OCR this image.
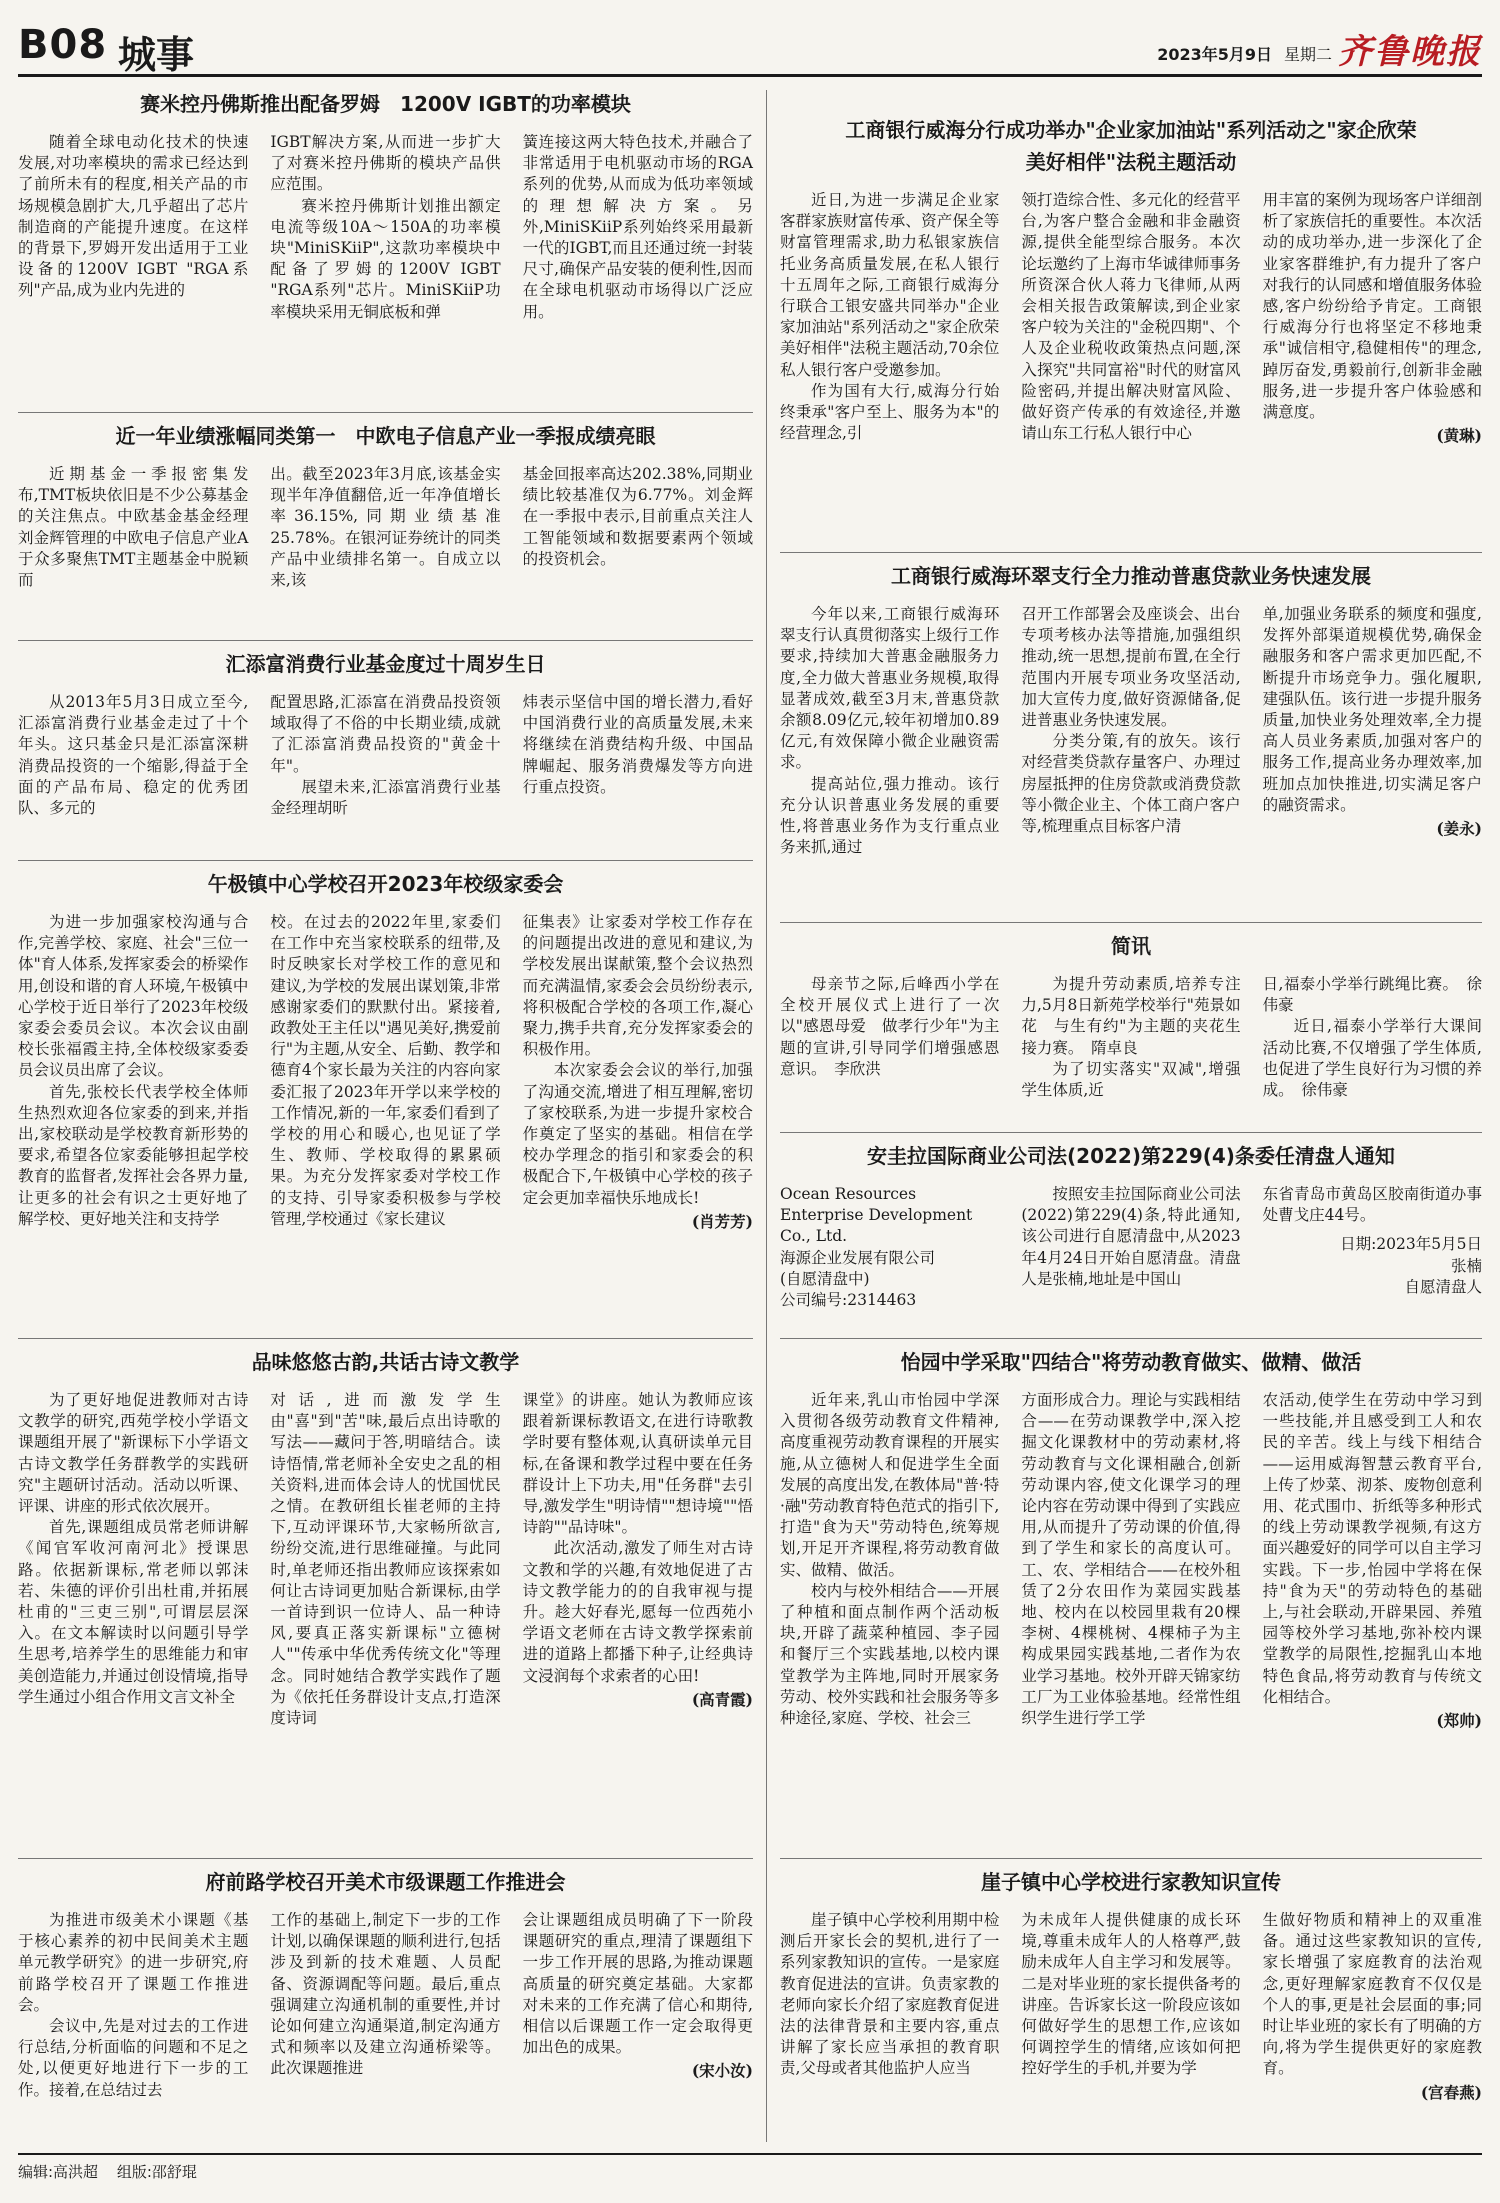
B08 城事	2023年5月9日 星期二 齐鲁晚报
赛米控丹佛斯推出配备罗姆　1200V IGBT的功率模块

随着全球电动化技术的快速发展,对功率模块的需求已经达到了前所未有的程度,相关产品的市场规模急剧扩大,几乎超出了芯片制造商的产能提升速度。在这样的背景下,罗姆开发出适用于工业设备的1200V IGBT "RGA系列"产品,成为业内先进的

IGBT解决方案,从而进一步扩大了对赛米控丹佛斯的模块产品供应范围。

赛米控丹佛斯计划推出额定电流等级10A～150A的功率模块"MiniSKiiP",这款功率模块中配备了罗姆的1200V IGBT "RGA系列"芯片。MiniSKiiP功率模块采用无铜底板和弹

簧连接这两大特色技术,并融合了非常适用于电机驱动市场的RGA系列的优势,从而成为低功率领域的理想解决方案。另外,MiniSKiiP系列始终采用最新一代的IGBT,而且还通过统一封装尺寸,确保产品安装的便利性,因而在全球电机驱动市场得以广泛应用。

近一年业绩涨幅同类第一　中欧电子信息产业一季报成绩亮眼

近期基金一季报密集发布,TMT板块依旧是不少公募基金的关注焦点。中欧基金基金经理刘金辉管理的中欧电子信息产业A于众多聚焦TMT主题基金中脱颖而

出。截至2023年3月底,该基金实现半年净值翻倍,近一年净值增长率36.15%,同期业绩基准25.78%。在银河证券统计的同类产品中业绩排名第一。自成立以来,该

基金回报率高达202.38%,同期业绩比较基准仅为6.77%。刘金辉在一季报中表示,目前重点关注人工智能领域和数据要素两个领域的投资机会。

汇添富消费行业基金度过十周岁生日

从2013年5月3日成立至今,汇添富消费行业基金走过了十个年头。这只基金只是汇添富深耕消费品投资的一个缩影,得益于全面的产品布局、稳定的优秀团队、多元的

配置思路,汇添富在消费品投资领域取得了不俗的中长期业绩,成就了汇添富消费品投资的"黄金十年"。

展望未来,汇添富消费行业基金经理胡昕

炜表示坚信中国的增长潜力,看好中国消费行业的高质量发展,未来将继续在消费结构升级、中国品牌崛起、服务消费爆发等方向进行重点投资。

午极镇中心学校召开2023年校级家委会

为进一步加强家校沟通与合作,完善学校、家庭、社会"三位一体"育人体系,发挥家委会的桥梁作用,创设和谐的育人环境,午极镇中心学校于近日举行了2023年校级家委会委员会议。本次会议由副校长张福霞主持,全体校级家委委员会议员出席了会议。

首先,张校长代表学校全体师生热烈欢迎各位家委的到来,并指出,家校联动是学校教育新形势的要求,希望各位家委能够担起学校教育的监督者,发挥社会各界力量,让更多的社会有识之士更好地了解学校、更好地关注和支持学

校。在过去的2022年里,家委们在工作中充当家校联系的纽带,及时反映家长对学校工作的意见和建议,为学校的发展出谋划策,非常感谢家委们的默默付出。紧接着,政教处王主任以"遇见美好,携爱前行"为主题,从安全、后勤、教学和德育4个家长最为关注的内容向家委汇报了2023年开学以来学校的工作情况,新的一年,家委们看到了学校的用心和暖心,也见证了学生、教师、学校取得的累累硕果。为充分发挥家委对学校工作的支持、引导家委积极参与学校管理,学校通过《家长建议

征集表》让家委对学校工作存在的问题提出改进的意见和建议,为学校发展出谋献策,整个会议热烈而充满温情,家委会会员纷纷表示,将积极配合学校的各项工作,凝心聚力,携手共育,充分发挥家委会的积极作用。

本次家委会会议的举行,加强了沟通交流,增进了相互理解,密切了家校联系,为进一步提升家校合作奠定了坚实的基础。相信在学校办学理念的指引和家委会的积极配合下,午极镇中心学校的孩子定会更加幸福快乐地成长!

(肖芳芳)
品味悠悠古韵,共话古诗文教学

为了更好地促进教师对古诗文教学的研究,西苑学校小学语文课题组开展了"新课标下小学语文古诗文教学任务群教学的实践研究"主题研讨活动。活动以听课、评课、讲座的形式依次展开。

首先,课题组成员常老师讲解《闻官军收河南河北》授课思路。依据新课标,常老师以郭沫若、朱德的评价引出杜甫,并拓展杜甫的"三吏三别",可谓层层深入。在文本解读时以问题引导学生思考,培养学生的思维能力和审美创造能力,并通过创设情境,指导学生通过小组合作用文言文补全

对话,进而激发学生由"喜"到"苦"味,最后点出诗歌的写法——藏问于答,明暗结合。读诗悟情,常老师补全安史之乱的相关资料,进而体会诗人的忧国忧民之情。在教研组长崔老师的主持下,互动评课环节,大家畅所欲言,纷纷交流,进行思维碰撞。与此同时,单老师还指出教师应该探索如何让古诗词更加贴合新课标,由学一首诗到识一位诗人、品一种诗风,要真正落实新课标"立德树人""传承中华优秀传统文化"等理念。同时她结合教学实践作了题为《依托任务群设计支点,打造深度诗词

课堂》的讲座。她认为教师应该跟着新课标教语文,在进行诗歌教学时要有整体观,认真研读单元目标,在备课和教学过程中要在任务群设计上下功夫,用"任务群"去引导,激发学生"明诗情""想诗境""悟诗韵""品诗味"。

此次活动,激发了师生对古诗文教和学的兴趣,有效地促进了古诗文教学能力的的自我审视与提升。趁大好春光,愿每一位西苑小学语文老师在古诗文教学探索前进的道路上都播下种子,让经典诗文浸润每个求索者的心田!

(高青霞)
府前路学校召开美术市级课题工作推进会

为推进市级美术小课题《基于核心素养的初中民间美术主题单元教学研究》的进一步研究,府前路学校召开了课题工作推进会。

会议中,先是对过去的工作进行总结,分析面临的问题和不足之处,以便更好地进行下一步的工作。接着,在总结过去

工作的基础上,制定下一步的工作计划,以确保课题的顺利进行,包括涉及到新的技术难题、人员配备、资源调配等问题。最后,重点强调建立沟通机制的重要性,并讨论如何建立沟通渠道,制定沟通方式和频率以及建立沟通桥梁等。此次课题推进

会让课题组成员明确了下一阶段课题研究的重点,理清了课题组下一步工作开展的思路,为推动课题高质量的研究奠定基础。大家都对未来的工作充满了信心和期待,相信以后课题工作一定会取得更加出色的成果。

(宋小汝)
工商银行威海分行成功举办"企业家加油站"系列活动之"家企欣荣　美好相伴"法税主题活动

近日,为进一步满足企业家客群家族财富传承、资产保全等财富管理需求,助力私银家族信托业务高质量发展,在私人银行十五周年之际,工商银行威海分行联合工银安盛共同举办"企业家加油站"系列活动之"家企欣荣　美好相伴"法税主题活动,70余位私人银行客户受邀参加。

作为国有大行,威海分行始终秉承"客户至上、服务为本"的经营理念,引

领打造综合性、多元化的经营平台,为客户整合金融和非金融资源,提供全能型综合服务。本次论坛邀约了上海市华诚律师事务所资深合伙人蒋力飞律师,从两会相关报告政策解读,到企业家客户较为关注的"金税四期"、个人及企业税收政策热点问题,深入探究"共同富裕"时代的财富风险密码,并提出解决财富风险、做好资产传承的有效途径,并邀请山东工行私人银行中心

用丰富的案例为现场客户详细剖析了家族信托的重要性。本次活动的成功举办,进一步深化了企业家客群维护,有力提升了客户对我行的认同感和增值服务体验感,客户纷纷给予肯定。工商银行威海分行也将坚定不移地秉承"诚信相守,稳健相传"的理念,踔厉奋发,勇毅前行,创新非金融服务,进一步提升客户体验感和满意度。

(黄琳)
工商银行威海环翠支行全力推动普惠贷款业务快速发展

今年以来,工商银行威海环翠支行认真贯彻落实上级行工作要求,持续加大普惠金融服务力度,全力做大普惠业务规模,取得显著成效,截至3月末,普惠贷款余额8.09亿元,较年初增加0.89亿元,有效保障小微企业融资需求。

提高站位,强力推动。该行充分认识普惠业务发展的重要性,将普惠业务作为支行重点业务来抓,通过

召开工作部署会及座谈会、出台专项考核办法等措施,加强组织推动,统一思想,提前布置,在全行范围内开展专项业务攻坚活动,加大宣传力度,做好资源储备,促进普惠业务快速发展。

分类分策,有的放矢。该行对经营类贷款存量客户、办理过房屋抵押的住房贷款或消费贷款等小微企业主、个体工商户客户等,梳理重点目标客户清

单,加强业务联系的频度和强度,发挥外部渠道规模优势,确保金融服务和客户需求更加匹配,不断提升市场竞争力。强化履职,建强队伍。该行进一步提升服务质量,加快业务处理效率,全力提高人员业务素质,加强对客户的服务工作,提高业务办理效率,加班加点加快推进,切实满足客户的融资需求。

(姜永)
简讯

母亲节之际,后峰西小学在全校开展仪式上进行了一次以"感恩母爱　做孝行少年"为主题的宣讲,引导同学们增强感恩意识。　李欣洪

为提升劳动素质,培养专注力,5月8日新苑学校举行"苑景如花　与生有约"为主题的夹花生接力赛。　隋卓良

为了切实落实"双减",增强学生体质,近

日,福泰小学举行跳绳比赛。　徐伟豪

近日,福泰小学举行大课间活动比赛,不仅增强了学生体质,也促进了学生良好行为习惯的养成。　徐伟豪

安圭拉国际商业公司法(2022)第229(4)条委任清盘人通知

Ocean Resources Enterprise Development Co., Ltd.

海源企业发展有限公司

(自愿清盘中)

公司编号:2314463

按照安圭拉国际商业公司法(2022)第229(4)条,特此通知,该公司进行自愿清盘中,从2023年4月24日开始自愿清盘。清盘人是张楠,地址是中国山

东省青岛市黄岛区胶南街道办事处曹戈庄44号。

日期:2023年5月5日

张楠

自愿清盘人

怡园中学采取"四结合"将劳动教育做实、做精、做活

近年来,乳山市怡园中学深入贯彻各级劳动教育文件精神,高度重视劳动教育课程的开展实施,从立德树人和促进学生全面发展的高度出发,在教体局"普·特·融"劳动教育特色范式的指引下,打造"食为天"劳动特色,统筹规划,开足开齐课程,将劳动教育做实、做精、做活。

校内与校外相结合——开展了种植和面点制作两个活动板块,开辟了蔬菜种植园、李子园和餐厅三个实践基地,以校内课堂教学为主阵地,同时开展家务劳动、校外实践和社会服务等多种途径,家庭、学校、社会三

方面形成合力。理论与实践相结合——在劳动课教学中,深入挖掘文化课教材中的劳动素材,将劳动教育与文化课相融合,创新劳动课内容,使文化课学习的理论内容在劳动课中得到了实践应用,从而提升了劳动课的价值,得到了学生和家长的高度认可。工、农、学相结合——在校外租赁了2分农田作为菜园实践基地、校内在以校园里栽有20棵李树、4棵桃树、4棵柿子为主构成果园实践基地,二者作为农业学习基地。校外开辟天锦家纺工厂为工业体验基地。经常性组织学生进行学工学

农活动,使学生在劳动中学习到一些技能,并且感受到工人和农民的辛苦。线上与线下相结合——运用威海智慧云教育平台,上传了炒菜、沏茶、废物创意利用、花式围巾、折纸等多种形式的线上劳动课教学视频,有这方面兴趣爱好的同学可以自主学习实践。下一步,怡园中学将在保持"食为天"的劳动特色的基础上,与社会联动,开辟果园、养殖园等校外学习基地,弥补校内课堂教学的局限性,挖掘乳山本地特色食品,将劳动教育与传统文化相结合。

(郑帅)
崖子镇中心学校进行家教知识宣传

崖子镇中心学校利用期中检测后开家长会的契机,进行了一系列家教知识的宣传。一是家庭教育促进法的宣讲。负责家教的老师向家长介绍了家庭教育促进法的法律背景和主要内容,重点讲解了家长应当承担的教育职责,父母或者其他监护人应当

为未成年人提供健康的成长环境,尊重未成年人的人格尊严,鼓励未成年人自主学习和发展等。二是对毕业班的家长提供备考的讲座。告诉家长这一阶段应该如何做好学生的思想工作,应该如何调控学生的情绪,应该如何把控好学生的手机,并要为学

生做好物质和精神上的双重准备。通过这些家教知识的宣传,家长增强了家庭教育的法治观念,更好理解家庭教育不仅仅是个人的事,更是社会层面的事;同时让毕业班的家长有了明确的方向,将为学生提供更好的家庭教育。

(宫春燕)
编辑:高洪超 组版:邵舒琨
